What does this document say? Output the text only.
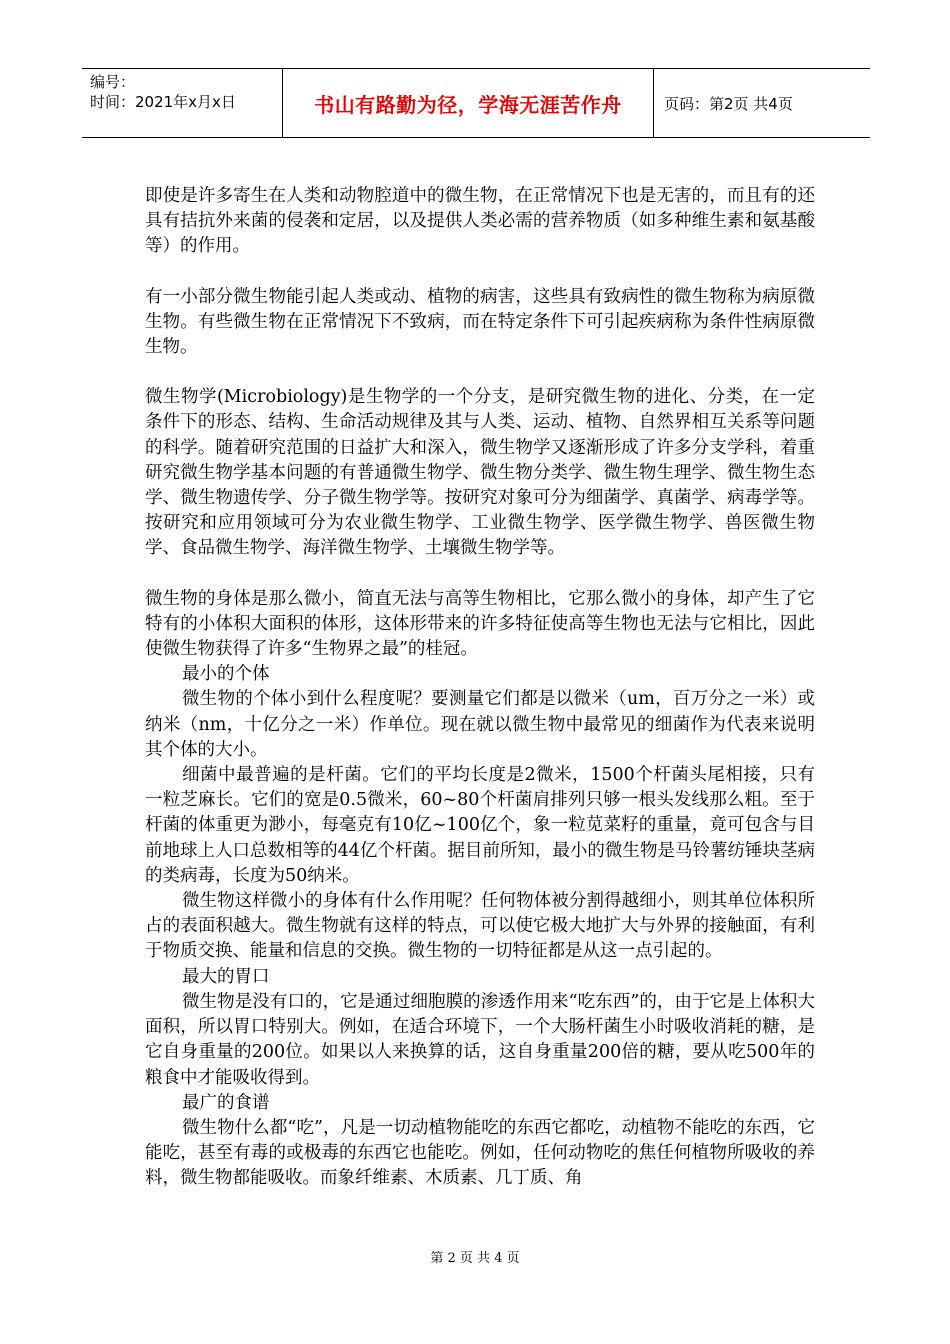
编号：
时间：2021年x月x日	书山有路勤为径，学海无涯苦作舟	页码：第2页 共4页

即使是许多寄生在人类和动物腔道中的微生物，在正常情况下也是无害的，而且有的还具有拮抗外来菌的侵袭和定居，以及提供人类必需的营养物质（如多种维生素和氨基酸等）的作用。

有一小部分微生物能引起人类或动、植物的病害，这些具有致病性的微生物称为病原微生物。有些微生物在正常情况下不致病，而在特定条件下可引起疾病称为条件性病原微生物。

微生物学(Microbiology)是生物学的一个分支，是研究微生物的进化、分类，在一定条件下的形态、结构、生命活动规律及其与人类、运动、植物、自然界相互关系等问题的科学。随着研究范围的日益扩大和深入，微生物学又逐渐形成了许多分支学科，着重研究微生物学基本问题的有普通微生物学、微生物分类学、微生物生理学、微生物生态学、微生物遗传学、分子微生物学等。按研究对象可分为细菌学、真菌学、病毒学等。按研究和应用领域可分为农业微生物学、工业微生物学、医学微生物学、兽医微生物学、食品微生物学、海洋微生物学、土壤微生物学等。

微生物的身体是那么微小，简直无法与高等生物相比，它那么微小的身体，却产生了它特有的小体积大面积的体形，这体形带来的许多特征使高等生物也无法与它相比，因此使微生物获得了许多“生物界之最”的桂冠。

最小的个体

微生物的个体小到什么程度呢？要测量它们都是以微米（um，百万分之一米）或纳米（nm，十亿分之一米）作单位。现在就以微生物中最常见的细菌作为代表来说明其个体的大小。

细菌中最普遍的是杆菌。它们的平均长度是2微米，1500个杆菌头尾相接，只有一粒芝麻长。它们的宽是0.5微米，60~80个杆菌肩排列只够一根头发线那么粗。至于杆菌的体重更为渺小，每毫克有10亿~100亿个，象一粒苋菜籽的重量，竟可包含与目前地球上人口总数相等的44亿个杆菌。据目前所知，最小的微生物是马铃薯纺锤块茎病的类病毒，长度为50纳米。

微生物这样微小的身体有什么作用呢？任何物体被分割得越细小，则其单位体积所占的表面积越大。微生物就有这样的特点，可以使它极大地扩大与外界的接触面，有利于物质交换、能量和信息的交换。微生物的一切特征都是从这一点引起的。

最大的胃口

微生物是没有口的，它是通过细胞膜的渗透作用来“吃东西”的，由于它是上体积大面积，所以胃口特别大。例如，在适合环境下，一个大肠杆菌生小时吸收消耗的糖，是它自身重量的200位。如果以人来换算的话，这自身重量200倍的糖，要从吃500年的粮食中才能吸收得到。

最广的食谱

微生物什么都“吃”，凡是一切动植物能吃的东西它都吃，动植物不能吃的东西，它能吃，甚至有毒的或极毒的东西它也能吃。例如，任何动物吃的焦任何植物所吸收的养料，微生物都能吸收。而象纤维素、木质素、几丁质、角

第 2 页 共 4 页
